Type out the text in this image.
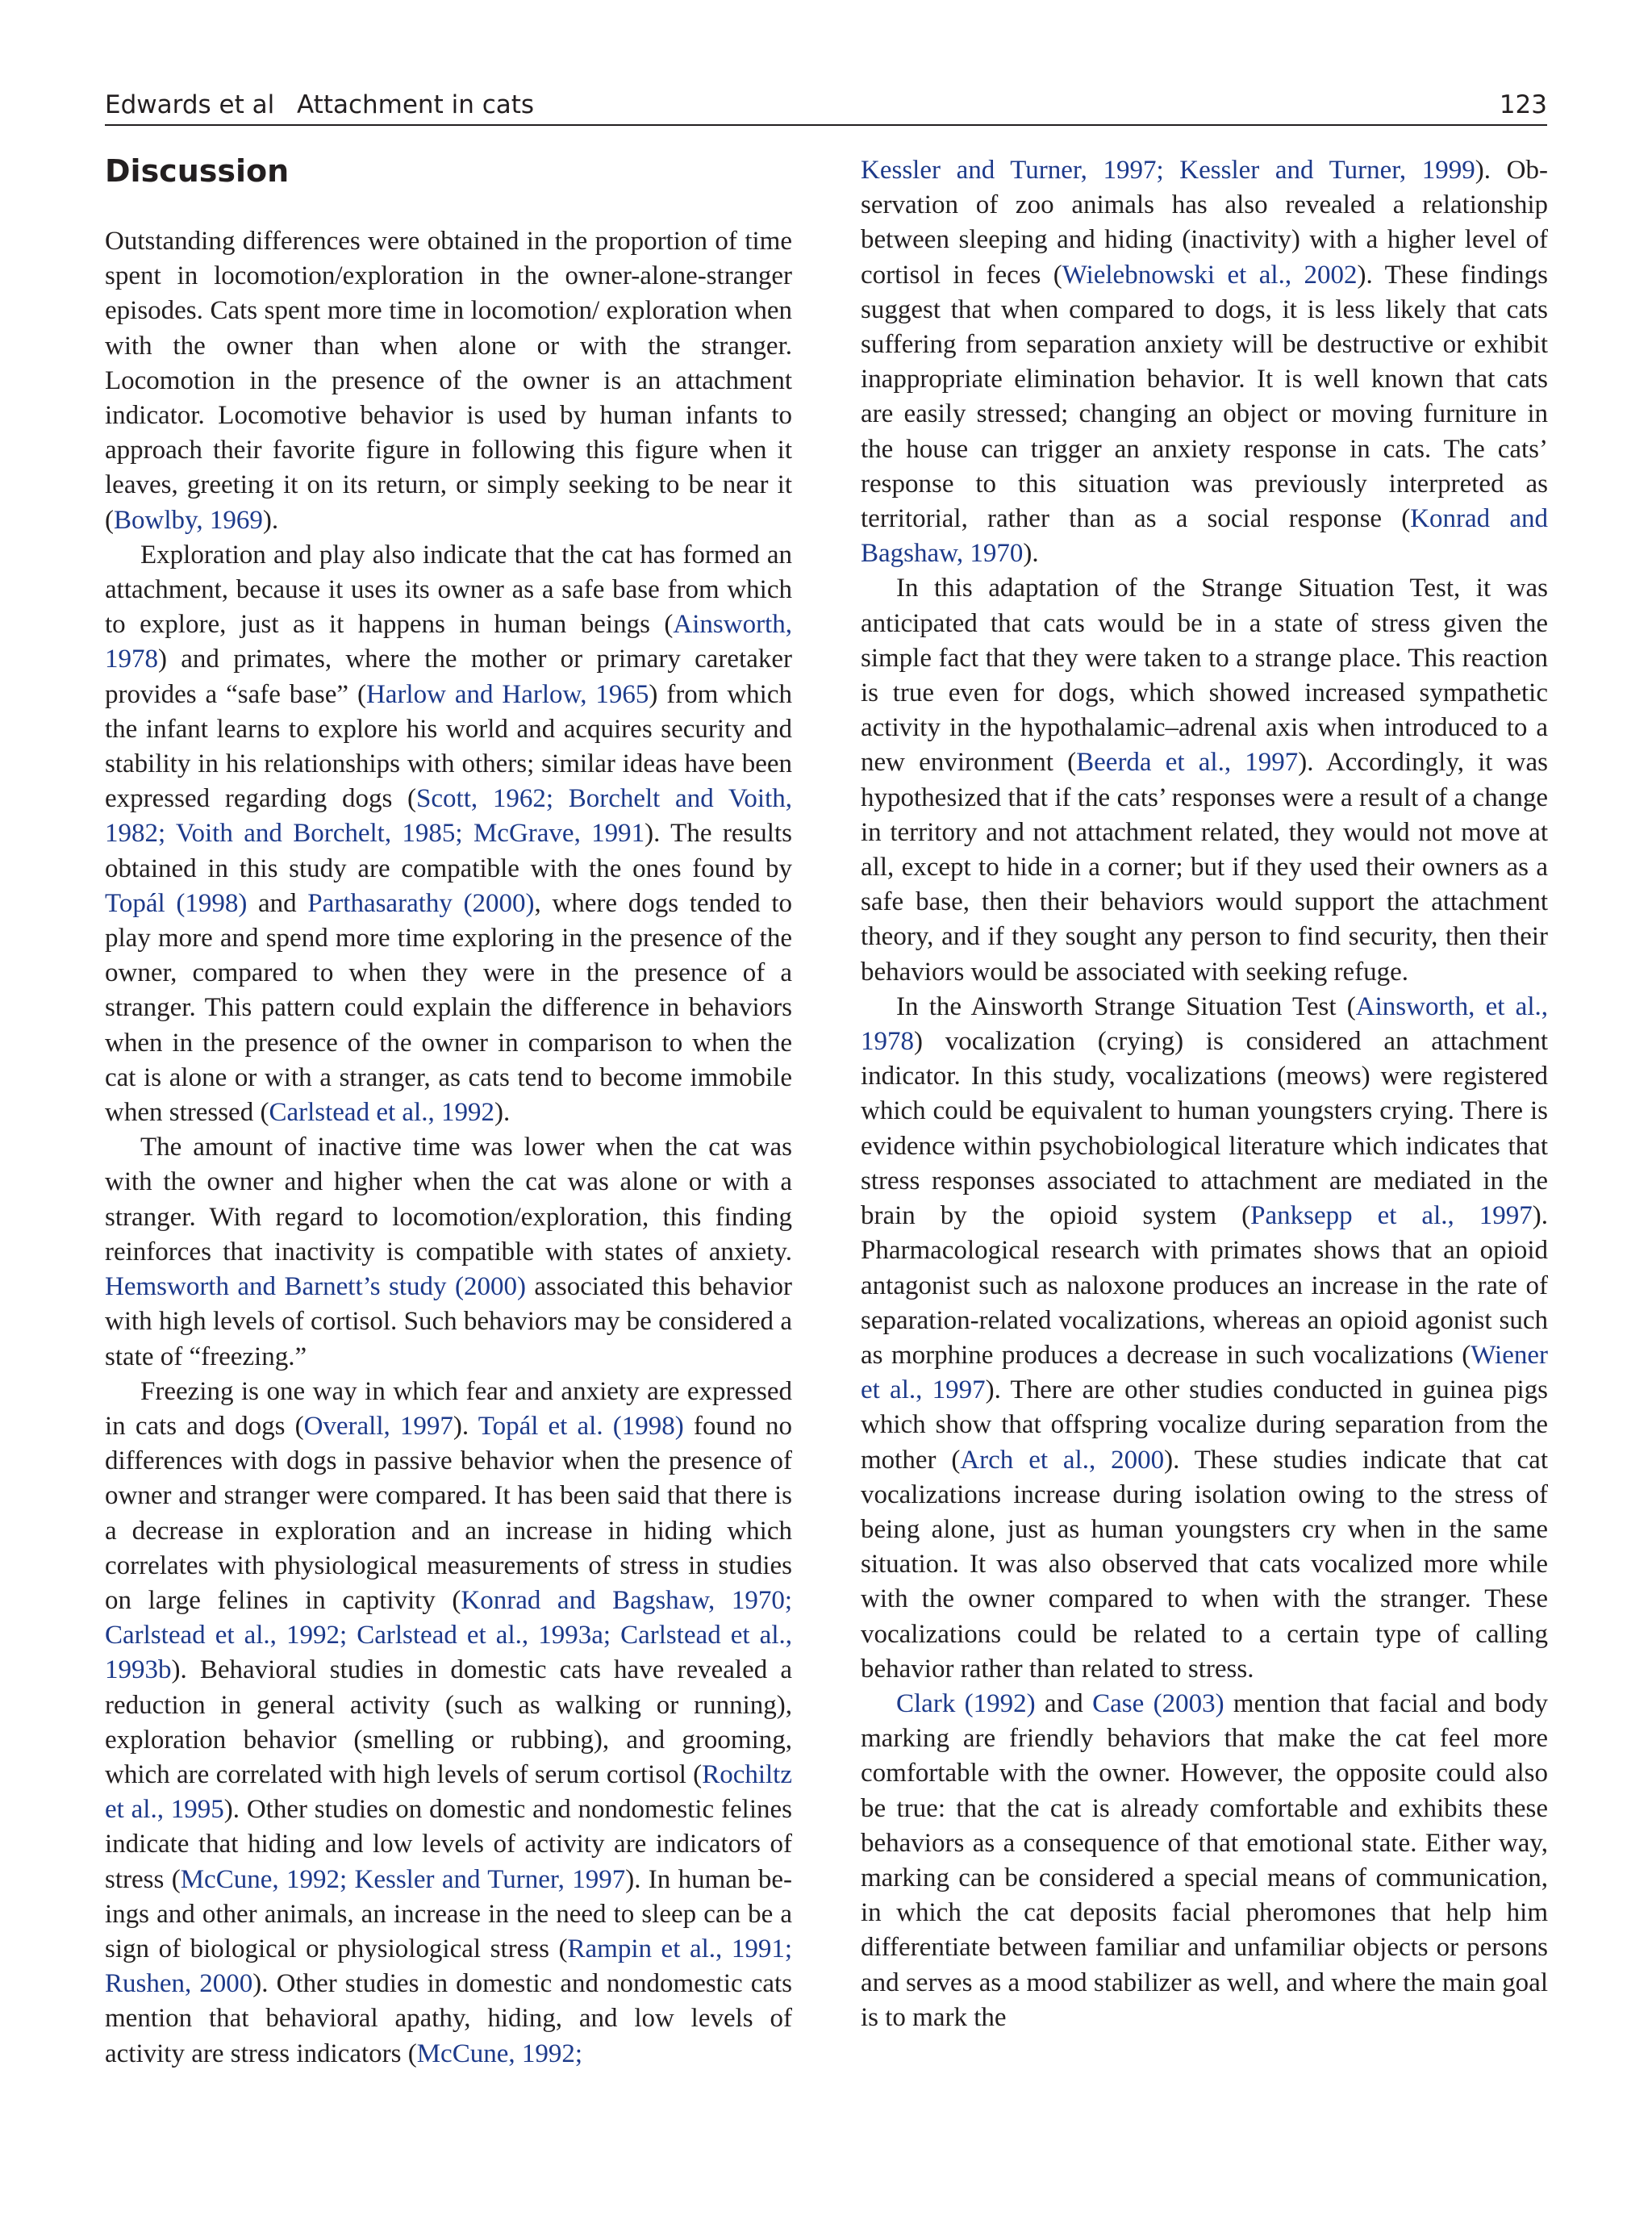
Edwards et al Attachment in cats	123
Discussion

Outstanding differences were obtained in the proportion of time spent in locomotion/exploration in the owner-alone-stranger episodes. Cats spent more time in locomotion/ exploration when with the owner than when alone or with the stranger. Locomotion in the presence of the owner is an attachment indicator. Locomotive behavior is used by human infants to approach their favorite figure in following this figure when it leaves, greeting it on its return, or simply seeking to be near it (Bowlby, 1969).

Exploration and play also indicate that the cat has formed an attachment, because it uses its owner as a safe base from which to explore, just as it happens in human beings (Ainsworth, 1978) and primates, where the mother or primary caretaker provides a “safe base” (Harlow and Harlow, 1965) from which the infant learns to explore his world and acquires security and stability in his relationships with others; similar ideas have been expressed regarding dogs (Scott, 1962; Borchelt and Voith, 1982; Voith and Borchelt, 1985; McGrave, 1991). The results obtained in this study are compatible with the ones found by Topál (1998) and Parthasarathy (2000), where dogs tended to play more and spend more time exploring in the presence of the owner, compared to when they were in the presence of a stranger. This pattern could explain the difference in behaviors when in the presence of the owner in comparison to when the cat is alone or with a stranger, as cats tend to become immobile when stressed (Carlstead et al., 1992).

The amount of inactive time was lower when the cat was with the owner and higher when the cat was alone or with a stranger. With regard to locomotion/exploration, this finding reinforces that inactivity is compatible with states of anxiety. Hemsworth and Barnett’s study (2000) associated this behavior with high levels of cortisol. Such behaviors may be considered a state of “freezing.”

Freezing is one way in which fear and anxiety are expressed in cats and dogs (Overall, 1997). Topál et al. (1998) found no differences with dogs in passive behavior when the presence of owner and stranger were compared. It has been said that there is a decrease in exploration and an increase in hiding which correlates with physiological measurements of stress in studies on large felines in captivity (Konrad and Bagshaw, 1970; Carlstead et al., 1992; Carlstead et al., 1993a; Carlstead et al., 1993b). Behavioral studies in domestic cats have revealed a reduction in general activity (such as walking or running), exploration behavior (smelling or rubbing), and grooming, which are correlated with high levels of serum cortisol (Rochiltz et al., 1995). Other studies on domestic and nondomestic felines indicate that hiding and low levels of activity are indicators of stress (McCune, 1992; Kessler and Turner, 1997). In human beings and other animals, an increase in the need to sleep can be a sign of biological or physiological stress (Rampin et al., 1991; Rushen, 2000). Other studies in domestic and nondomestic cats mention that behavioral apathy, hiding, and low levels of activity are stress indicators (McCune, 1992;

Kessler and Turner, 1997; Kessler and Turner, 1999). Observation of zoo animals has also revealed a relationship between sleeping and hiding (inactivity) with a higher level of cortisol in feces (Wielebnowski et al., 2002). These findings suggest that when compared to dogs, it is less likely that cats suffering from separation anxiety will be destructive or exhibit inappropriate elimination behavior. It is well known that cats are easily stressed; changing an object or moving furniture in the house can trigger an anxiety response in cats. The cats’ response to this situation was previously interpreted as territorial, rather than as a social response (Konrad and Bagshaw, 1970).

In this adaptation of the Strange Situation Test, it was anticipated that cats would be in a state of stress given the simple fact that they were taken to a strange place. This reaction is true even for dogs, which showed increased sympathetic activity in the hypothalamic–adrenal axis when introduced to a new environment (Beerda et al., 1997). Accordingly, it was hypothesized that if the cats’ responses were a result of a change in territory and not attachment related, they would not move at all, except to hide in a corner; but if they used their owners as a safe base, then their behaviors would support the attachment theory, and if they sought any person to find security, then their behaviors would be associated with seeking refuge.

In the Ainsworth Strange Situation Test (Ainsworth, et al., 1978) vocalization (crying) is considered an attachment indicator. In this study, vocalizations (meows) were registered which could be equivalent to human youngsters crying. There is evidence within psychobiological literature which indicates that stress responses associated to attachment are mediated in the brain by the opioid system (Panksepp et al., 1997). Pharmacological research with primates shows that an opioid antagonist such as naloxone produces an increase in the rate of separation-related vocalizations, whereas an opioid agonist such as morphine produces a decrease in such vocalizations (Wiener et al., 1997). There are other studies conducted in guinea pigs which show that offspring vocalize during separation from the mother (Arch et al., 2000). These studies indicate that cat vocalizations increase during isolation owing to the stress of being alone, just as human youngsters cry when in the same situation. It was also observed that cats vocalized more while with the owner compared to when with the stranger. These vocalizations could be related to a certain type of calling behavior rather than related to stress.

Clark (1992) and Case (2003) mention that facial and body marking are friendly behaviors that make the cat feel more comfortable with the owner. However, the opposite could also be true: that the cat is already comfortable and exhibits these behaviors as a consequence of that emotional state. Either way, marking can be considered a special means of communication, in which the cat deposits facial pheromones that help him differentiate between familiar and unfamiliar objects or persons and serves as a mood stabilizer as well, and where the main goal is to mark the
